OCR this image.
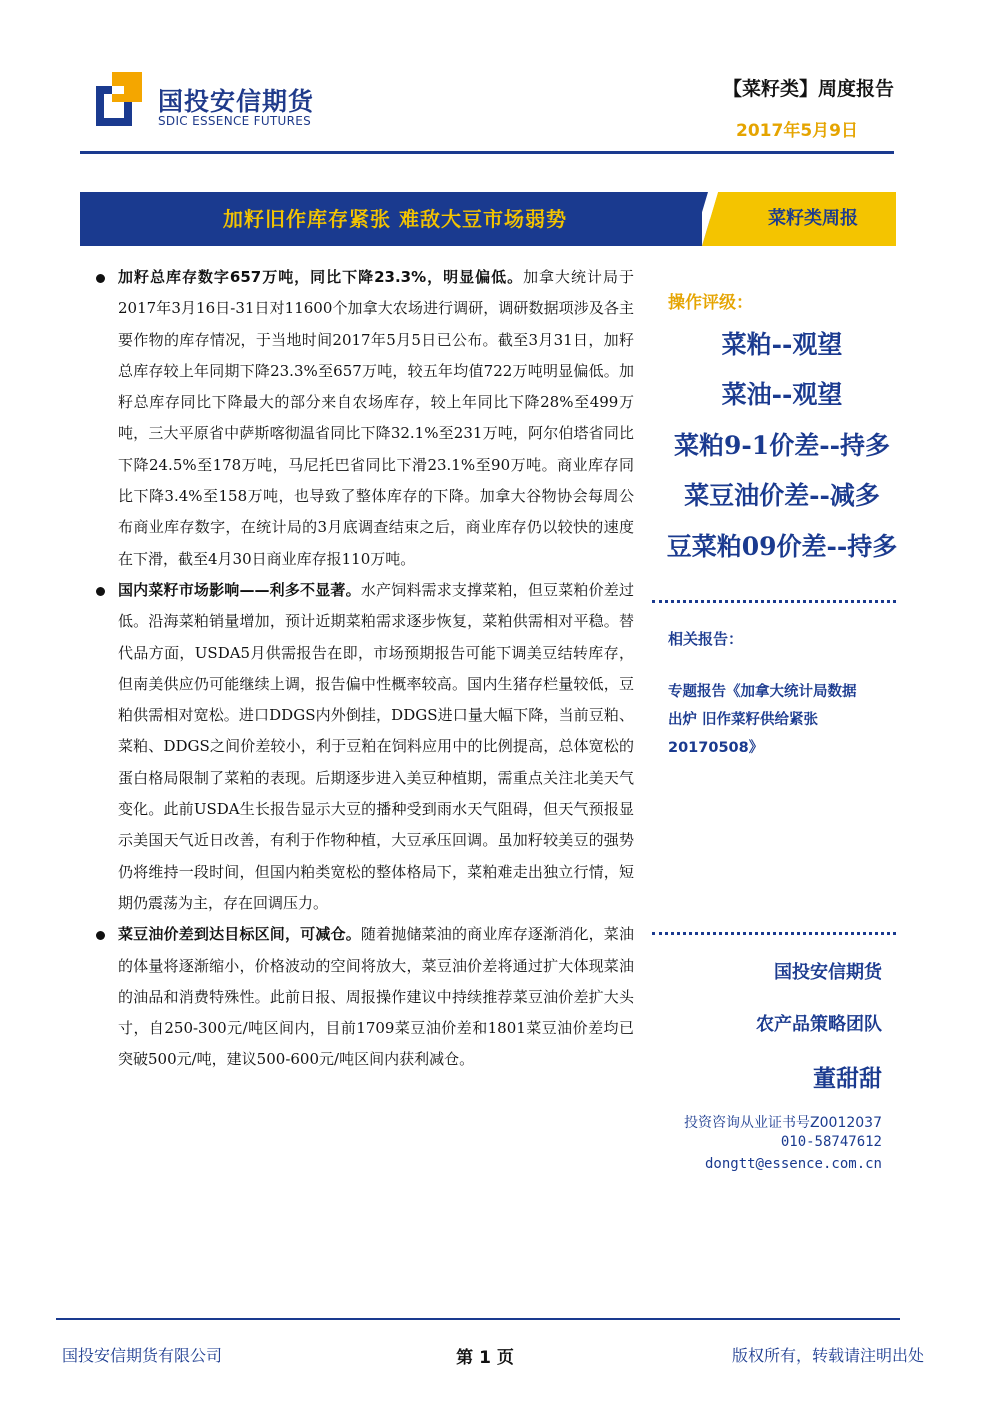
国投安信期货
SDIC ESSENCE FUTURES
【菜籽类】周度报告
2017年5月9日
加籽旧作库存紧张 难敌大豆市场弱势	菜籽类周报

加籽总库存数字657万吨，同比下降23.3%，明显偏低。加拿大统计局于2017年3月16日-31日对11600个加拿大农场进行调研，调研数据项涉及各主要作物的库存情况，于当地时间2017年5月5日已公布。截至3月31日，加籽总库存较上年同期下降23.3%至657万吨，较五年均值722万吨明显偏低。加籽总库存同比下降最大的部分来自农场库存，较上年同比下降28%至499万吨，三大平原省中萨斯喀彻温省同比下降32.1%至231万吨，阿尔伯塔省同比下降24.5%至178万吨，马尼托巴省同比下滑23.1%至90万吨。商业库存同比下降3.4%至158万吨，也导致了整体库存的下降。加拿大谷物协会每周公布商业库存数字，在统计局的3月底调查结束之后，商业库存仍以较快的速度在下滑，截至4月30日商业库存报110万吨。

国内菜籽市场影响——利多不显著。水产饲料需求支撑菜粕，但豆菜粕价差过低。沿海菜粕销量增加，预计近期菜粕需求逐步恢复，菜粕供需相对平稳。替代品方面，USDA5月供需报告在即，市场预期报告可能下调美豆结转库存，但南美供应仍可能继续上调，报告偏中性概率较高。国内生猪存栏量较低，豆粕供需相对宽松。进口DDGS内外倒挂，DDGS进口量大幅下降，当前豆粕、菜粕、DDGS之间价差较小，利于豆粕在饲料应用中的比例提高，总体宽松的蛋白格局限制了菜粕的表现。后期逐步进入美豆种植期，需重点关注北美天气变化。此前USDA生长报告显示大豆的播种受到雨水天气阻碍，但天气预报显示美国天气近日改善，有利于作物种植，大豆承压回调。虽加籽较美豆的强势仍将维持一段时间，但国内粕类宽松的整体格局下，菜粕难走出独立行情，短期仍震荡为主，存在回调压力。

菜豆油价差到达目标区间，可减仓。随着抛储菜油的商业库存逐渐消化，菜油的体量将逐渐缩小，价格波动的空间将放大，菜豆油价差将通过扩大体现菜油的油品和消费特殊性。此前日报、周报操作建议中持续推荐菜豆油价差扩大头寸，自250-300元/吨区间内，目前1709菜豆油价差和1801菜豆油价差均已突破500元/吨，建议500-600元/吨区间内获利减仓。

操作评级：
菜粕--观望
菜油--观望
菜粕9-1价差--持多
菜豆油价差--减多
豆菜粕09价差--持多
相关报告：
专题报告《加拿大统计局数据出炉 旧作菜籽供给紧张20170508》
国投安信期货
农产品策略团队
董甜甜
投资咨询从业证书号Z0012037
010-58747612
dongtt@essence.com.cn
国投安信期货有限公司	第 1 页	版权所有，转载请注明出处
